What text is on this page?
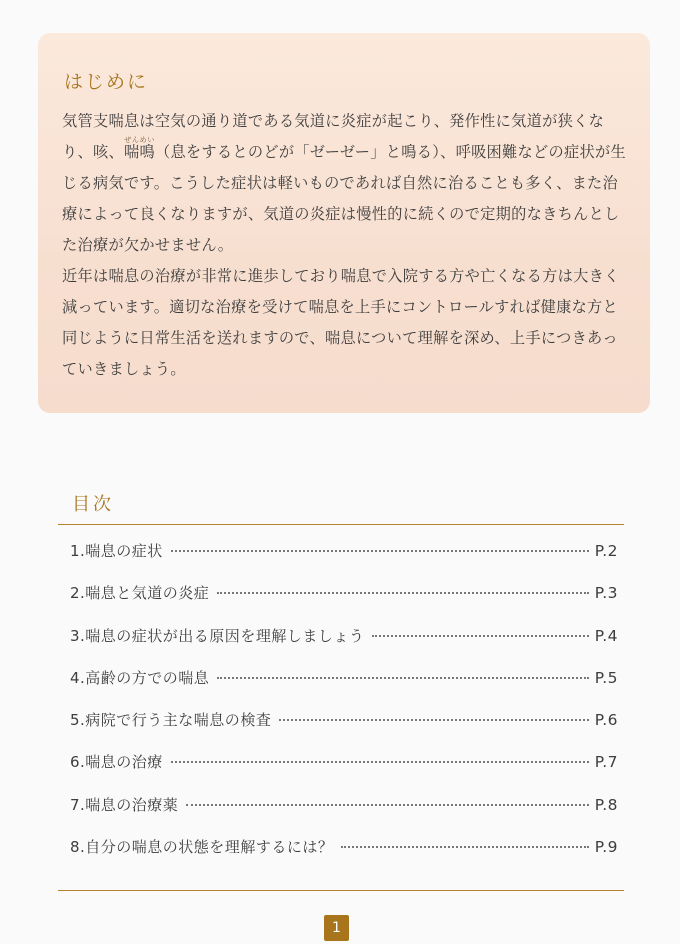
はじめに

気管支喘息は空気の通り道である気道に炎症が起こり、発作性に気道が狭くなり、咳、喘ぜん鳴めい（息をするとのどが「ゼーゼー」と鳴る）、呼吸困難などの症状が生じる病気です。こうした症状は軽いものであれば自然に治ることも多く、また治療によって良くなりますが、気道の炎症は慢性的に続くので定期的なきちんとした治療が欠かせません。

近年は喘息の治療が非常に進歩しており喘息で入院する方や亡くなる方は大きく減っています。適切な治療を受けて喘息を上手にコントロールすれば健康な方と同じように日常生活を送れますので、喘息について理解を深め、上手につきあっていきましょう。

目次
1.喘息の症状	P.2
2.喘息と気道の炎症	P.3
3.喘息の症状が出る原因を理解しましょう	P.4
4.高齢の方での喘息	P.5
5.病院で行う主な喘息の検査	P.6
6.喘息の治療	P.7
7.喘息の治療薬	P.8
8.自分の喘息の状態を理解するには？	P.9
1
